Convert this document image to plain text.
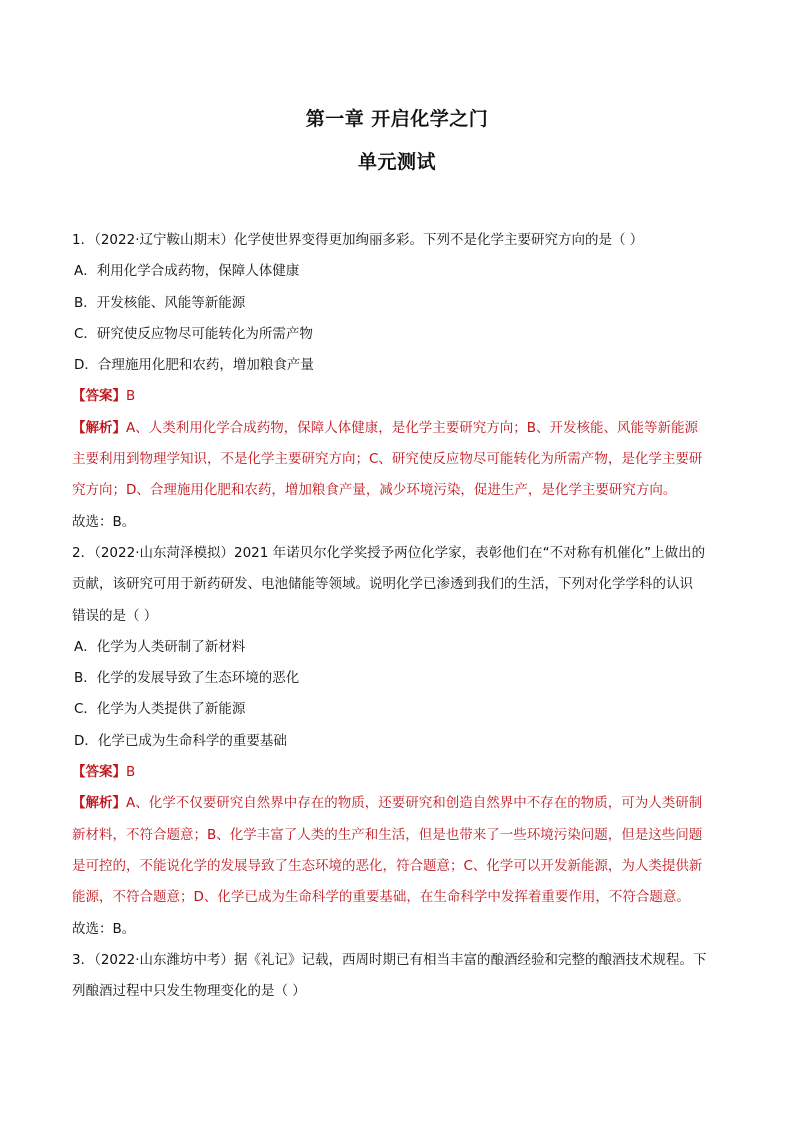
第一章 开启化学之门
单元测试
1．（2022·辽宁鞍山期末）化学使世界变得更加绚丽多彩。下列不是化学主要研究方向的是（ ）
A．利用化学合成药物，保障人体健康
B．开发核能、风能等新能源
C．研究使反应物尽可能转化为所需产物
D．合理施用化肥和农药，增加粮食产量
【答案】B
【解析】A、人类利用化学合成药物，保障人体健康，是化学主要研究方向；B、开发核能、风能等新能源
主要利用到物理学知识，不是化学主要研究方向；C、研究使反应物尽可能转化为所需产物，是化学主要研
究方向；D、合理施用化肥和农药，增加粮食产量，减少环境污染，促进生产，是化学主要研究方向。
故选：B。
2．（2022·山东菏泽模拟）2021 年诺贝尔化学奖授予两位化学家，表彰他们在“不对称有机催化”上做出的
贡献，该研究可用于新药研发、电池储能等领域。说明化学已渗透到我们的生活，下列对化学学科的认识
错误的是（ ）
A．化学为人类研制了新材料
B．化学的发展导致了生态环境的恶化
C．化学为人类提供了新能源
D．化学已成为生命科学的重要基础
【答案】B
【解析】A、化学不仅要研究自然界中存在的物质，还要研究和创造自然界中不存在的物质，可为人类研制
新材料，不符合题意；B、化学丰富了人类的生产和生活，但是也带来了一些环境污染问题，但是这些问题
是可控的，不能说化学的发展导致了生态环境的恶化，符合题意；C、化学可以开发新能源，为人类提供新
能源，不符合题意；D、化学已成为生命科学的重要基础，在生命科学中发挥着重要作用，不符合题意。
故选：B。
3．（2022·山东潍坊中考）据《礼记》记载，西周时期已有相当丰富的酿酒经验和完整的酿酒技术规程。下
列酿酒过程中只发生物理变化的是（ ）
